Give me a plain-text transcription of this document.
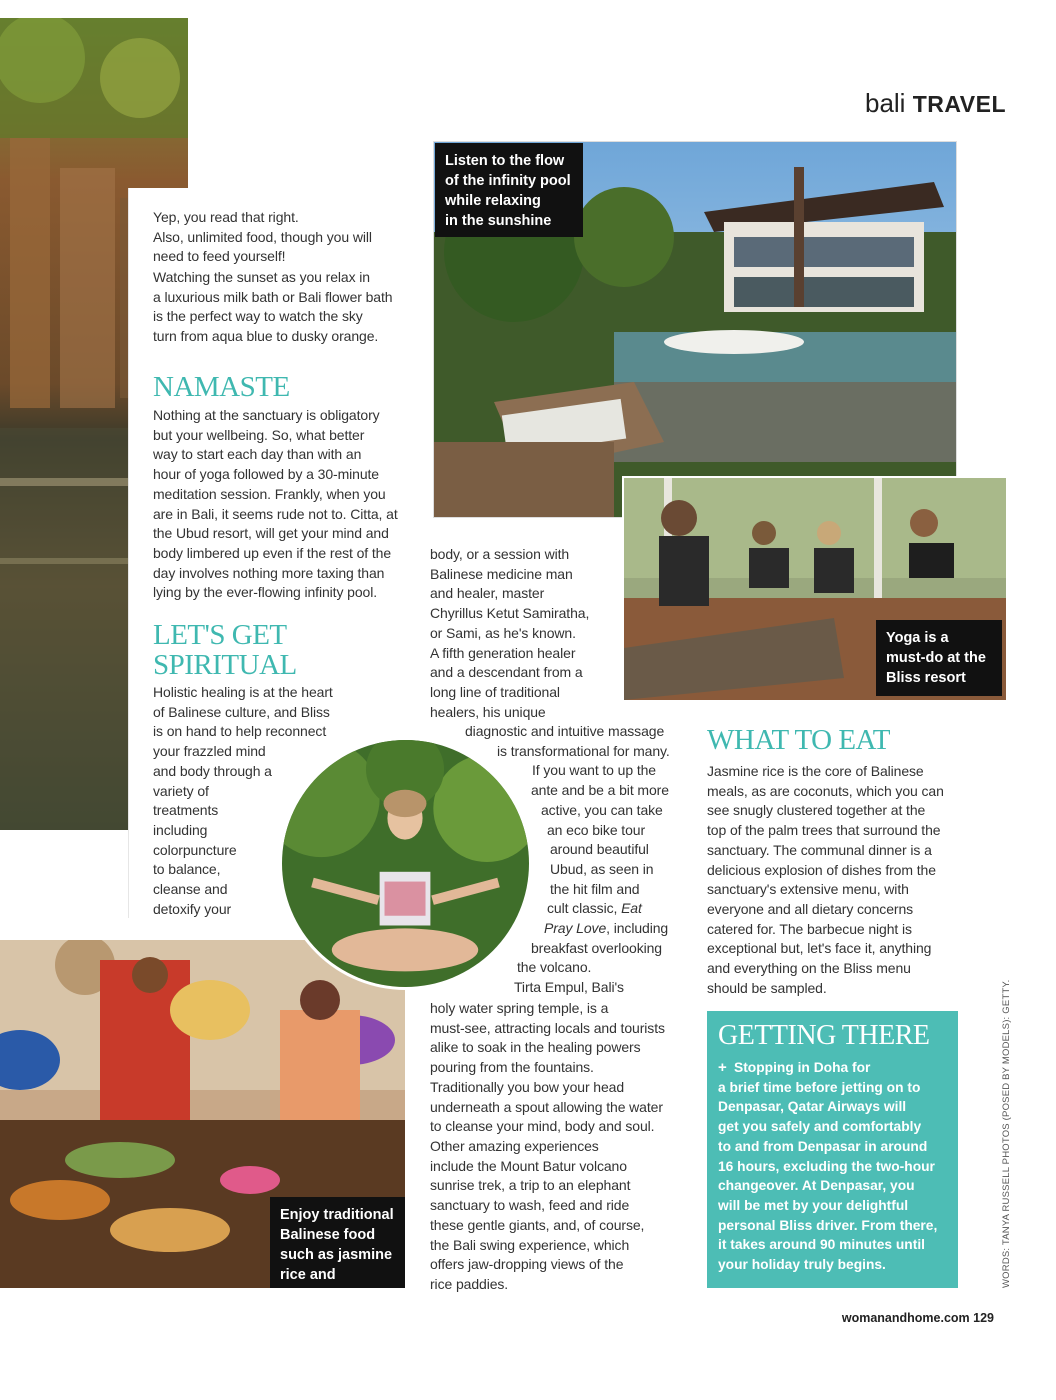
bali TRAVEL
Yep, you read that right.
Also, unlimited food, though you will
need to feed yourself!
Watching the sunset as you relax in
a luxurious milk bath or Bali flower bath
is the perfect way to watch the sky
turn from aqua blue to dusky orange.
NAMASTE
Nothing at the sanctuary is obligatory
but your wellbeing. So, what better
way to start each day than with an
hour of yoga followed by a 30-minute
meditation session. Frankly, when you
are in Bali, it seems rude not to. Citta, at
the Ubud resort, will get your mind and
body limbered up even if the rest of the
day involves nothing more taxing than
lying by the ever-flowing infinity pool.
LET'S GET
SPIRITUAL
Holistic healing is at the heart
of Balinese culture, and Bliss
is on hand to help reconnect
your frazzled mind
and body through a
variety of
treatments
including
colorpuncture
to balance,
cleanse and
detoxify your
Listen to the flow
of the infinity pool
while relaxing
in the sunshine
Yoga is a
must-do at the
Bliss resort
body, or a session with
Balinese medicine man
and healer, master
Chyrillus Ketut Samiratha,
or Sami, as he's known.
A fifth generation healer
and a descendant from a
long line of traditional
healers, his unique
diagnostic and intuitive massage
is transformational for many.
If you want to up the
ante and be a bit more
active, you can take
an eco bike tour
around beautiful
Ubud, as seen in
the hit film and
cult classic, Eat
Pray Love, including
breakfast overlooking
the volcano.
Tirta Empul, Bali's
holy water spring temple, is a
must-see, attracting locals and tourists
alike to soak in the healing powers
pouring from the fountains.
Traditionally you bow your head
underneath a spout allowing the water
to cleanse your mind, body and soul.
Other amazing experiences
include the Mount Batur volcano
sunrise trek, a trip to an elephant
sanctuary to wash, feed and ride
these gentle giants, and, of course,
the Bali swing experience, which
offers jaw-dropping views of the
rice paddies.
Enjoy traditional
Balinese food
such as jasmine
rice and coconut
WHAT TO EAT
Jasmine rice is the core of Balinese
meals, as are coconuts, which you can
see snugly clustered together at the
top of the palm trees that surround the
sanctuary. The communal dinner is a
delicious explosion of dishes from the
sanctuary's extensive menu, with
everyone and all dietary concerns
catered for. The barbecue night is
exceptional but, let's face it, anything
and everything on the Bliss menu
should be sampled.
GETTING THERE
+ Stopping in Doha for
a brief time before jetting on to
Denpasar, Qatar Airways will
get you safely and comfortably
to and from Denpasar in around
16 hours, excluding the two-hour
changeover. At Denpasar, you
will be met by your delightful
personal Bliss driver. From there,
it takes around 90 minutes until
your holiday truly begins.	WORDS: TANYA RUSSELL PHOTOS (POSED BY MODELS): GETTY.
womanandhome.com 129
